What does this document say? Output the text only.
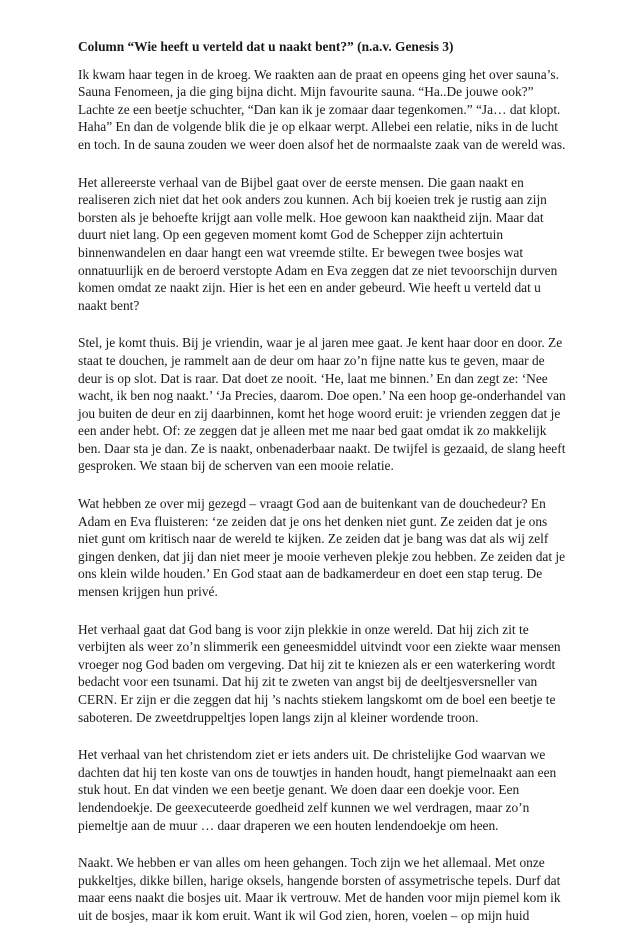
Column “Wie heeft u verteld dat u naakt bent?” (n.a.v. Genesis 3)

Ik kwam haar tegen in de kroeg. We raakten aan de praat en opeens ging het over sauna’s. Sauna Fenomeen, ja die ging bijna dicht. Mijn favourite sauna. “Ha..De jouwe ook?” Lachte ze een beetje schuchter, “Dan kan ik je zomaar daar tegenkomen.” “Ja… dat klopt. Haha” En dan de volgende blik die je op elkaar werpt. Allebei een relatie, niks in de lucht en toch. In de sauna zouden we weer doen alsof het de normaalste zaak van de wereld was.

Het allereerste verhaal van de Bijbel gaat over de eerste mensen. Die gaan naakt en realiseren zich niet dat het ook anders zou kunnen. Ach bij koeien trek je rustig aan zijn borsten als je behoefte krijgt aan volle melk. Hoe gewoon kan naaktheid zijn. Maar dat duurt niet lang. Op een gegeven moment komt God de Schepper zijn achtertuin binnenwandelen en daar hangt een wat vreemde stilte. Er bewegen twee bosjes wat onnatuurlijk en de beroerd verstopte Adam en Eva zeggen dat ze niet tevoorschijn durven komen omdat ze naakt zijn. Hier is het een en ander gebeurd. Wie heeft u verteld dat u naakt bent?

Stel, je komt thuis. Bij je vriendin, waar je al jaren mee gaat. Je kent haar door en door. Ze staat te douchen, je rammelt aan de deur om haar zo’n fijne natte kus te geven, maar de deur is op slot. Dat is raar. Dat doet ze nooit. ‘He, laat me binnen.’ En dan zegt ze: ‘Nee wacht, ik ben nog naakt.’ ‘Ja Precies, daarom. Doe open.’ Na een hoop ge-onderhandel van jou buiten de deur en zij daarbinnen, komt het hoge woord eruit: je vrienden zeggen dat je een ander hebt. Of: ze zeggen dat je alleen met me naar bed gaat omdat ik zo makkelijk ben. Daar sta je dan. Ze is naakt, onbenaderbaar naakt. De twijfel is gezaaid, de slang heeft gesproken. We staan bij de scherven van een mooie relatie.

Wat hebben ze over mij gezegd – vraagt God aan de buitenkant van de douchedeur? En Adam en Eva fluisteren: ‘ze zeiden dat je ons het denken niet gunt. Ze zeiden dat je ons niet gunt om kritisch naar de wereld te kijken. Ze zeiden dat je bang was dat als wij zelf gingen denken, dat jij dan niet meer je mooie verheven plekje zou hebben. Ze zeiden dat je ons klein wilde houden.’ En God staat aan de badkamerdeur en doet een stap terug. De mensen krijgen hun privé.

Het verhaal gaat dat God bang is voor zijn plekkie in onze wereld. Dat hij zich zit te verbijten als weer zo’n slimmerik een geneesmiddel uitvindt voor een ziekte waar mensen vroeger nog God baden om vergeving. Dat hij zit te kniezen als er een waterkering wordt bedacht voor een tsunami. Dat hij zit te zweten van angst bij de deeltjesversneller van CERN. Er zijn er die zeggen dat hij ’s nachts stiekem langskomt om de boel een beetje te saboteren. De zweetdruppeltjes lopen langs zijn al kleiner wordende troon.

Het verhaal van het christendom ziet er iets anders uit. De christelijke God waarvan we dachten dat hij ten koste van ons de touwtjes in handen houdt, hangt piemelnaakt aan een stuk hout. En dat vinden we een beetje genant. We doen daar een doekje voor. Een lendendoekje. De geexecuteerde goedheid zelf kunnen we wel verdragen, maar zo’n piemeltje aan de muur … daar draperen we een houten lendendoekje om heen.

Naakt. We hebben er van alles om heen gehangen. Toch zijn we het allemaal. Met onze pukkeltjes, dikke billen, harige oksels, hangende borsten of assymetrische tepels. Durf dat maar eens naakt die bosjes uit. Maar ik vertrouw. Met de handen voor mijn piemel kom ik uit de bosjes, maar ik kom eruit. Want ik wil God zien, horen, voelen – op mijn huid
